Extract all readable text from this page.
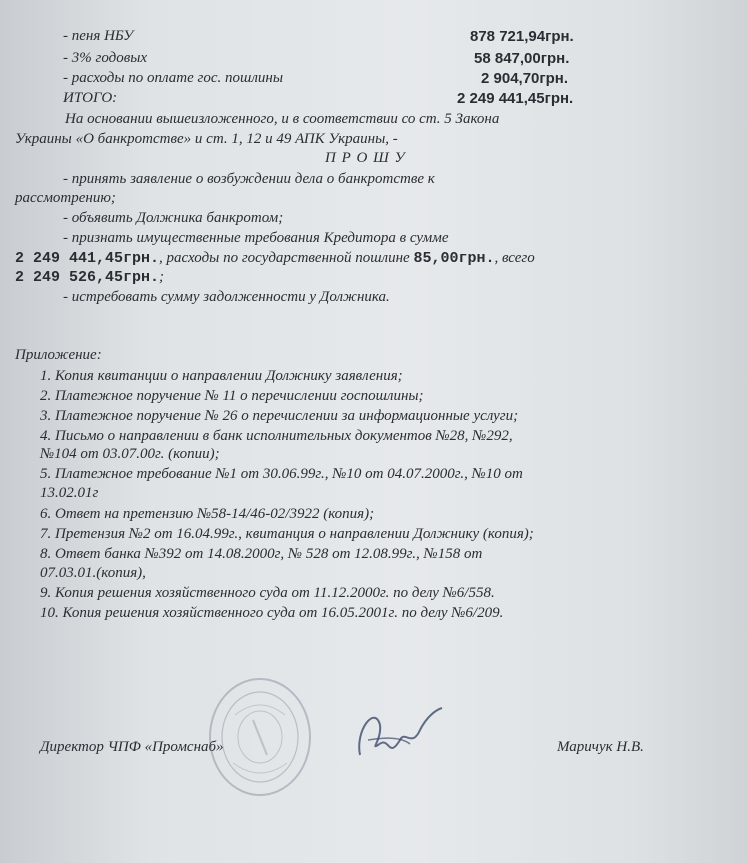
- пеня НБУ	878 721,94грн.
- 3% годовых	58 847,00грн.
- расходы по оплате гос. пошлины	2 904,70грн.
ИТОГО:	2 249 441,45грн.
На основании вышеизложенного, и в соответствии со ст. 5 Закона
Украины «О банкротстве» и ст. 1, 12 и 49 АПК Украины, -
П Р О Ш У
- принять заявление о возбуждении дела о банкротстве к
рассмотрению;
- объявить Должника банкротом;
- признать имущественные требования Кредитора в сумме
2 249 441,45грн., расходы по государственной пошлине 85,00грн., всего
2 249 526,45грн.;
- истребовать сумму задолженности у Должника.
Приложение:
1. Копия квитанции о направлении Должнику заявления;
2. Платежное поручение № 11 о перечислении госпошлины;
3. Платежное поручение № 26 о перечислении за информационные услуги;
4. Письмо о направлении в банк исполнительных документов №28, №292,
№104 от 03.07.00г. (копии);
5. Платежное требование №1 от 30.06.99г., №10 от 04.07.2000г., №10 от
13.02.01г
6. Ответ на претензию №58-14/46-02/3922 (копия);
7. Претензия №2 от 16.04.99г., квитанция о направлении Должнику (копия);
8. Ответ банка №392 от 14.08.2000г, № 528 от 12.08.99г., №158 от
07.03.01.(копия),
9. Копия решения хозяйственного суда от 11.12.2000г. по делу №6/558.
10. Копия решения хозяйственного суда от 16.05.2001г. по делу №6/209.
Директор ЧПФ «Промснаб»	Маричук Н.В.
